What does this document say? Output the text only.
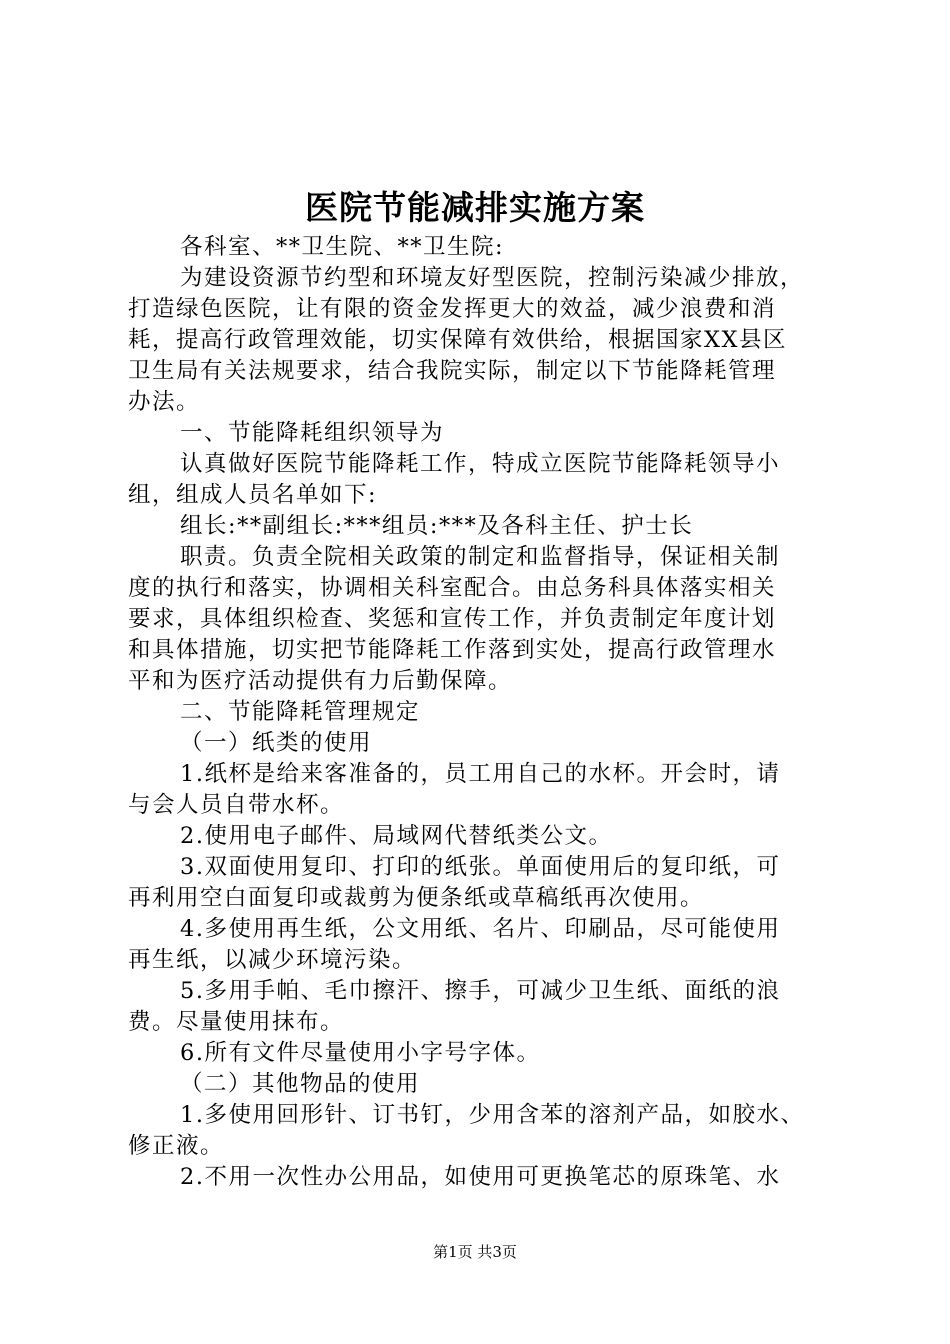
医院节能减排实施方案
各科室、**卫生院、**卫生院:
为建设资源节约型和环境友好型医院，控制污染减少排放，
打造绿色医院，让有限的资金发挥更大的效益，减少浪费和消
耗，提高行政管理效能，切实保障有效供给，根据国家XX县区
卫生局有关法规要求，结合我院实际，制定以下节能降耗管理
办法。
一、节能降耗组织领导为
认真做好医院节能降耗工作，特成立医院节能降耗领导小
组，组成人员名单如下:
组长:**副组长:***组员:***及各科主任、护士长
职责。负责全院相关政策的制定和监督指导，保证相关制
度的执行和落实，协调相关科室配合。由总务科具体落实相关
要求，具体组织检查、奖惩和宣传工作，并负责制定年度计划
和具体措施，切实把节能降耗工作落到实处，提高行政管理水
平和为医疗活动提供有力后勤保障。
二、节能降耗管理规定
（一）纸类的使用
1.纸杯是给来客准备的，员工用自己的水杯。开会时，请
与会人员自带水杯。
2.使用电子邮件、局域网代替纸类公文。
3.双面使用复印、打印的纸张。单面使用后的复印纸，可
再利用空白面复印或裁剪为便条纸或草稿纸再次使用。
4.多使用再生纸，公文用纸、名片、印刷品，尽可能使用
再生纸，以减少环境污染。
5.多用手帕、毛巾擦汗、擦手，可减少卫生纸、面纸的浪
费。尽量使用抹布。
6.所有文件尽量使用小字号字体。
（二）其他物品的使用
1.多使用回形针、订书钉，少用含苯的溶剂产品，如胶水、
修正液。
2.不用一次性办公用品，如使用可更换笔芯的原珠笔、水
第1页 共3页
